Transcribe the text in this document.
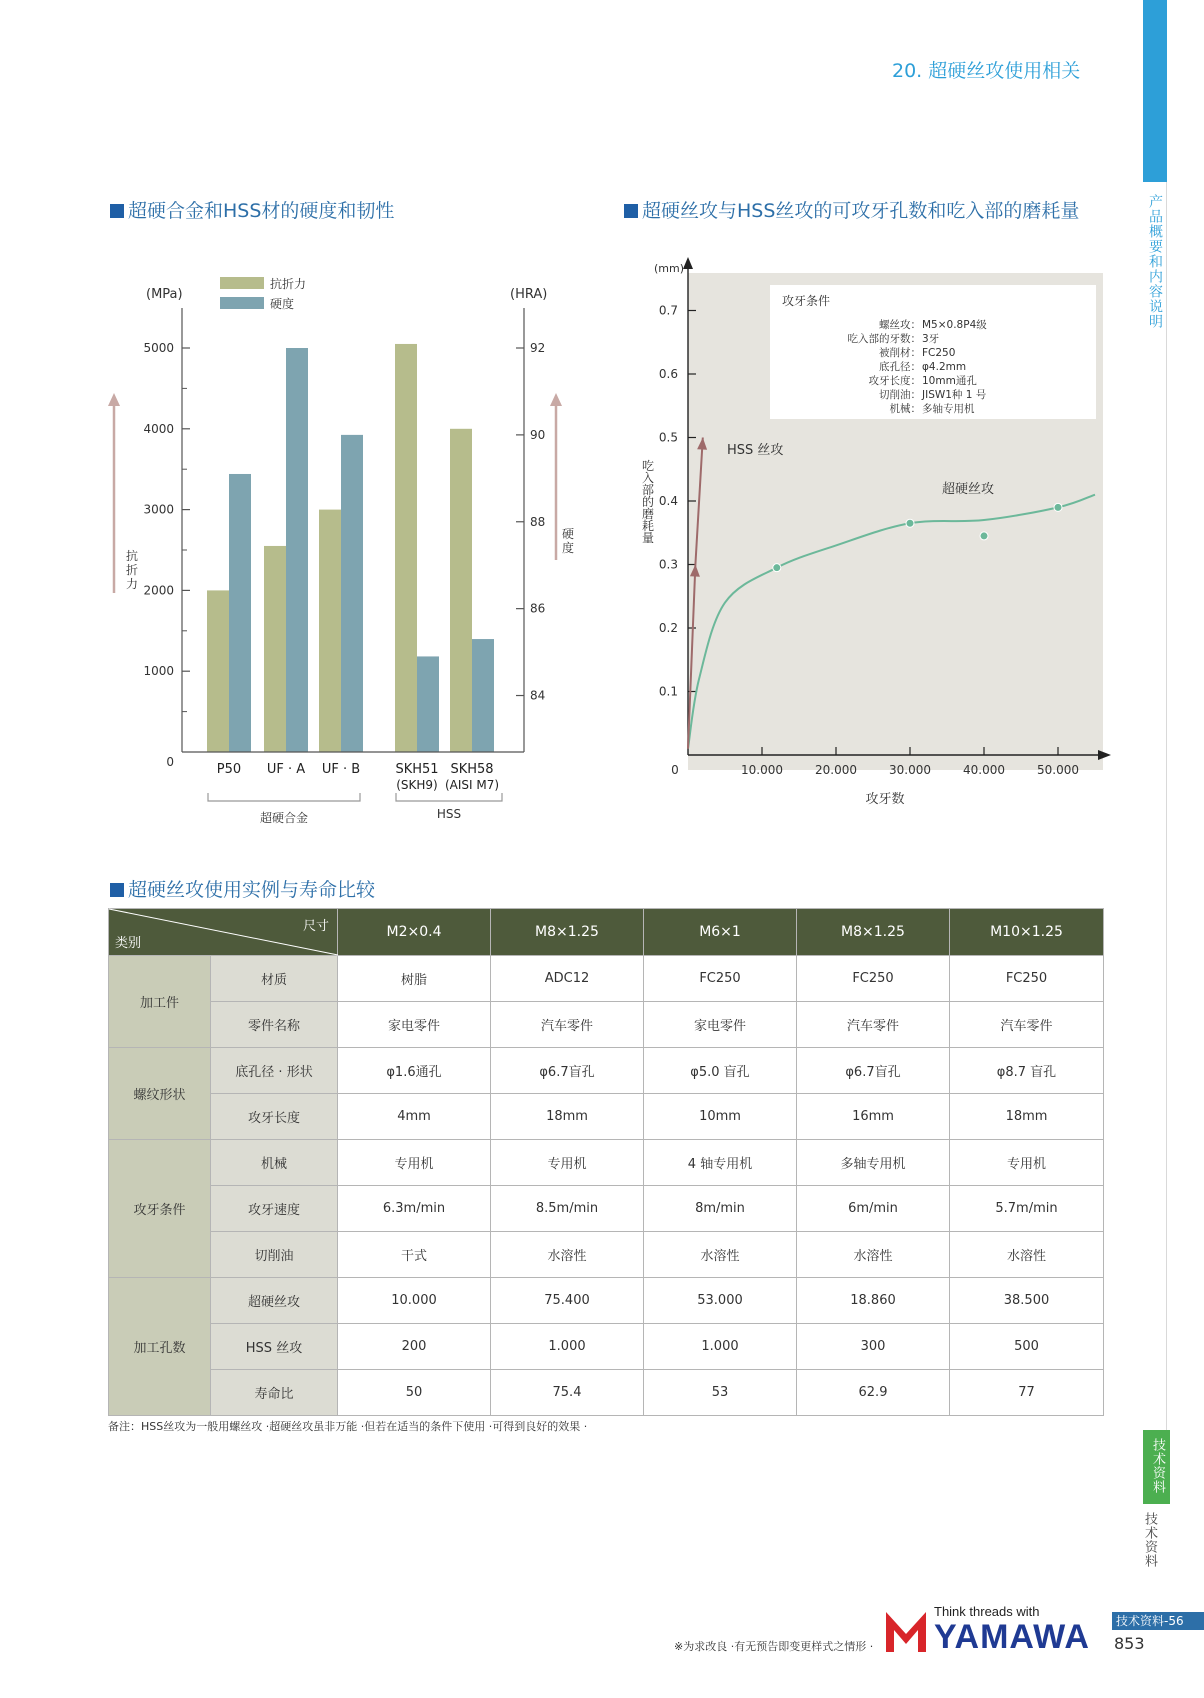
20. 超硬丝攻使用相关
产品概要和内容说明
技术资料
技术资料
超硬合金和HSS材的硬度和韧性	超硬丝攻与HSS丝攻的可攻牙孔数和吃入部的磨耗量
超硬丝攻使用实例与寿命比较
抗折力
硬度
(MPa)	(HRA)
5000
4000
3000
2000
1000
0
92
90
88
86
84
P50 UF · A UF · B	SKH51
(SKH9)
SKH58
(AISI M7)
抗折力
硬度
超硬合金	HSS
攻牙条件
螺丝攻： M5×0.8P4级
吃入部的牙数： 3牙
被削材： FC250
底孔径： φ4.2mm
攻牙长度： 10mm通孔
切削油： JISW1种 1 号
机械： 多轴专用机
(mm)
0.7
0.6
0.5
0.4
0.3
0.2
0.1
0	10.000	20.000	30.000	40.000	50.000
吃入部的磨耗量
攻牙数
HSS 丝攻
超硬丝攻
尺寸
类别		M2×0.4	M8×1.25	M6×1	M8×1.25	M10×1.25
加工件	材质	树脂	ADC12	FC250	FC250	FC250
	零件名称	家电零件	汽车零件	家电零件	汽车零件	汽车零件
螺纹形状	底孔径 · 形状	φ1.6通孔	φ6.7盲孔	φ5.0 盲孔	φ6.7盲孔	φ8.7 盲孔
	攻牙长度	4mm	18mm	10mm	16mm	18mm
攻牙条件	机械	专用机	专用机	4 轴专用机	多轴专用机	专用机
	攻牙速度	6.3m/min	8.5m/min	8m/min	6m/min	5.7m/min
	切削油	干式	水溶性	水溶性	水溶性	水溶性
加工孔数	超硬丝攻	10.000	75.400	53.000	18.860	38.500
	HSS 丝攻	200	1.000	1.000	300	500
	寿命比	50	75.4	53	62.9	77
备注：HSS丝攻为一般用螺丝攻 ·超硬丝攻虽非万能 ·但若在适当的条件下使用 ·可得到良好的效果 ·
※为求改良 ·有无预告即变更样式之情形 ·
Think threads with
YAMAWA	技术资料-56
853
